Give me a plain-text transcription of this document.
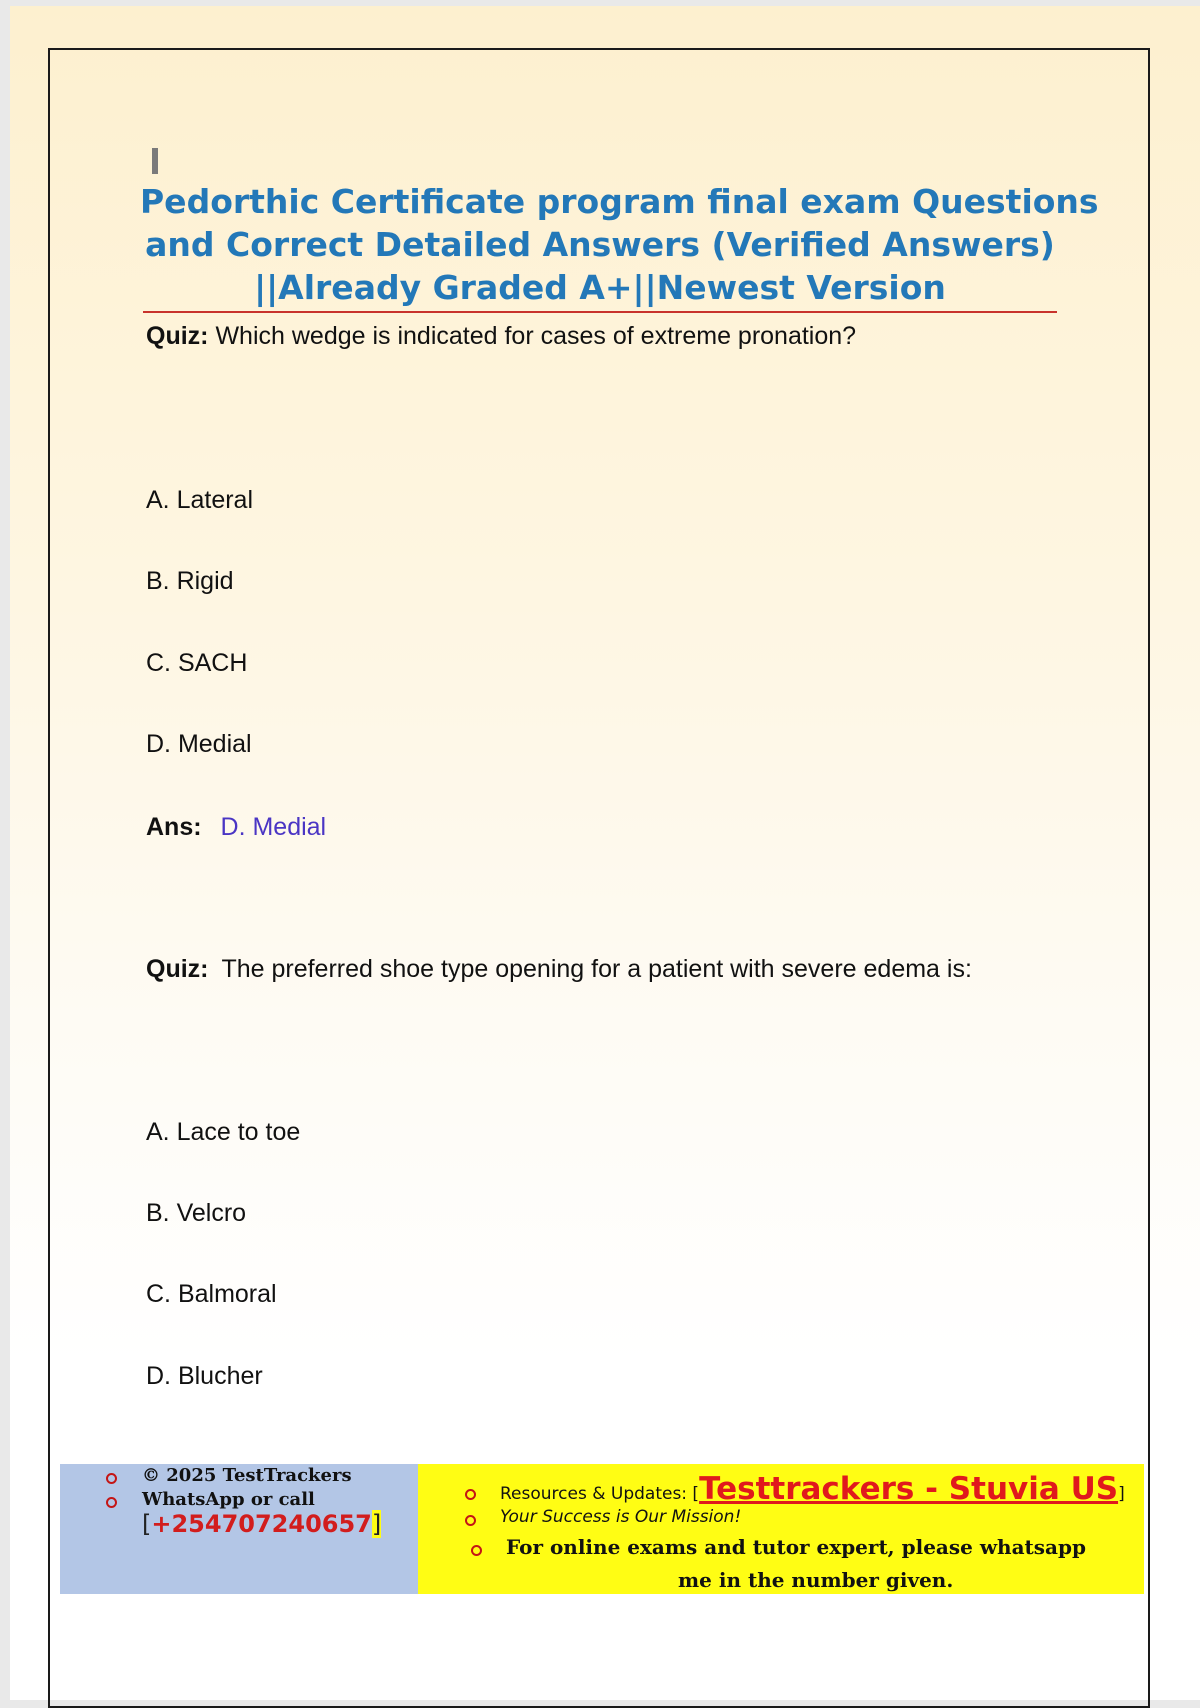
Pedorthic Certificate program final exam Questions
and Correct Detailed Answers (Verified Answers)
||Already Graded A+||Newest Version
Quiz: Which wedge is indicated for cases of extreme pronation?
A. Lateral
B. Rigid
C. SACH
D. Medial
Ans: D. Medial
Quiz: The preferred shoe type opening for a patient with severe edema is:
A. Lace to toe
B. Velcro
C. Balmoral
D. Blucher
© 2025 TestTrackers
WhatsApp or call
[+254707240657]
Resources & Updates: [Testtrackers - Stuvia US]
Your Success is Our Mission!
For online exams and tutor expert, please whatsapp
me in the number given.
